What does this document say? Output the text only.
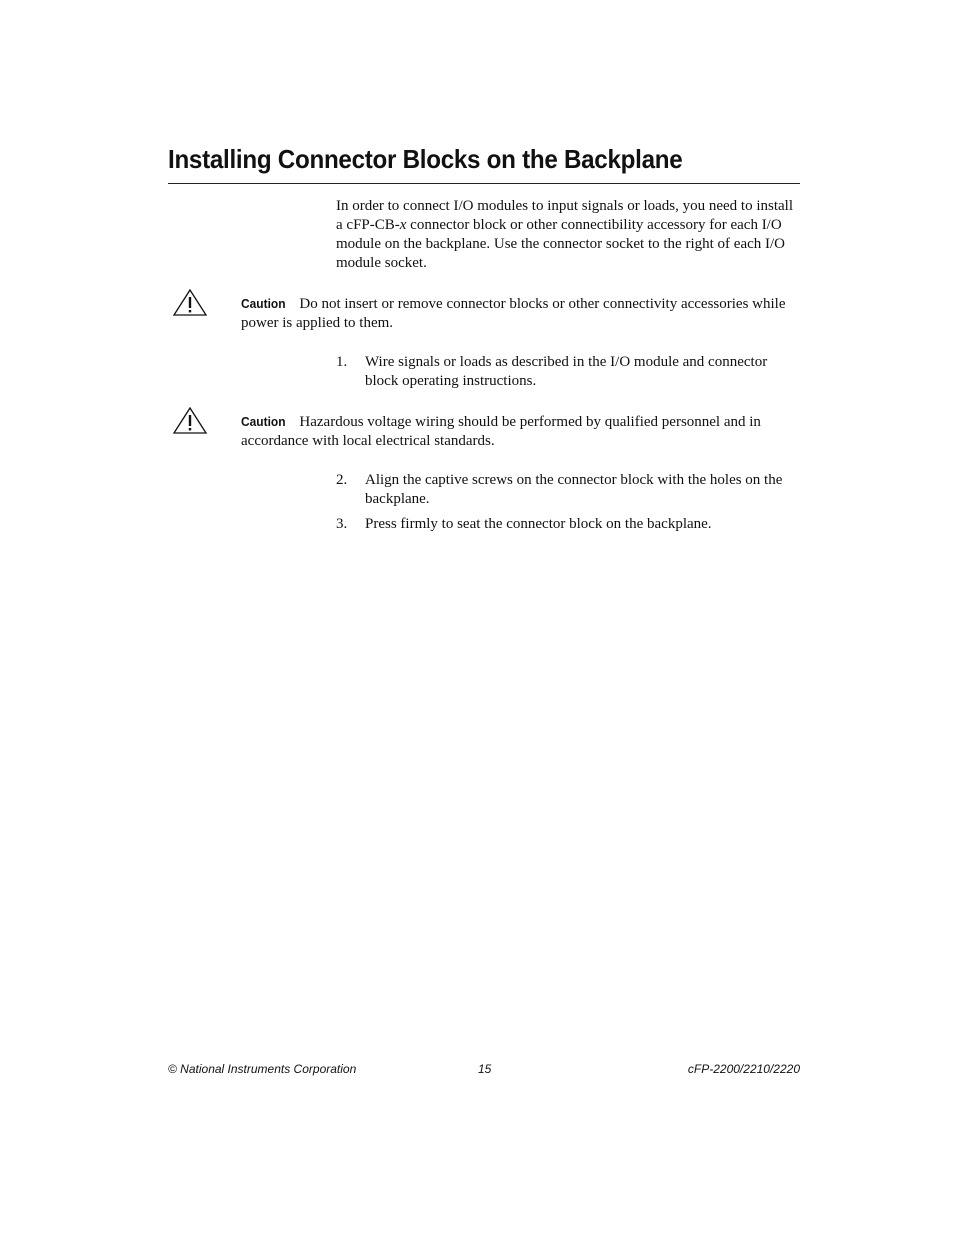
Installing Connector Blocks on the Backplane

In order to connect I/O modules to input signals or loads, you need to install a cFP-CB-x connector block or other connectibility accessory for each I/O module on the backplane. Use the connector socket to the right of each I/O module socket.

Caution Do not insert or remove connector blocks or other connectivity accessories while power is applied to them.

1. Wire signals or loads as described in the I/O module and connector block operating instructions.

Caution Hazardous voltage wiring should be performed by qualified personnel and in accordance with local electrical standards.

2. Align the captive screws on the connector block with the holes on the backplane.
3. Press firmly to seat the connector block on the backplane.
© National Instruments Corporation	15	cFP-2200/2210/2220
